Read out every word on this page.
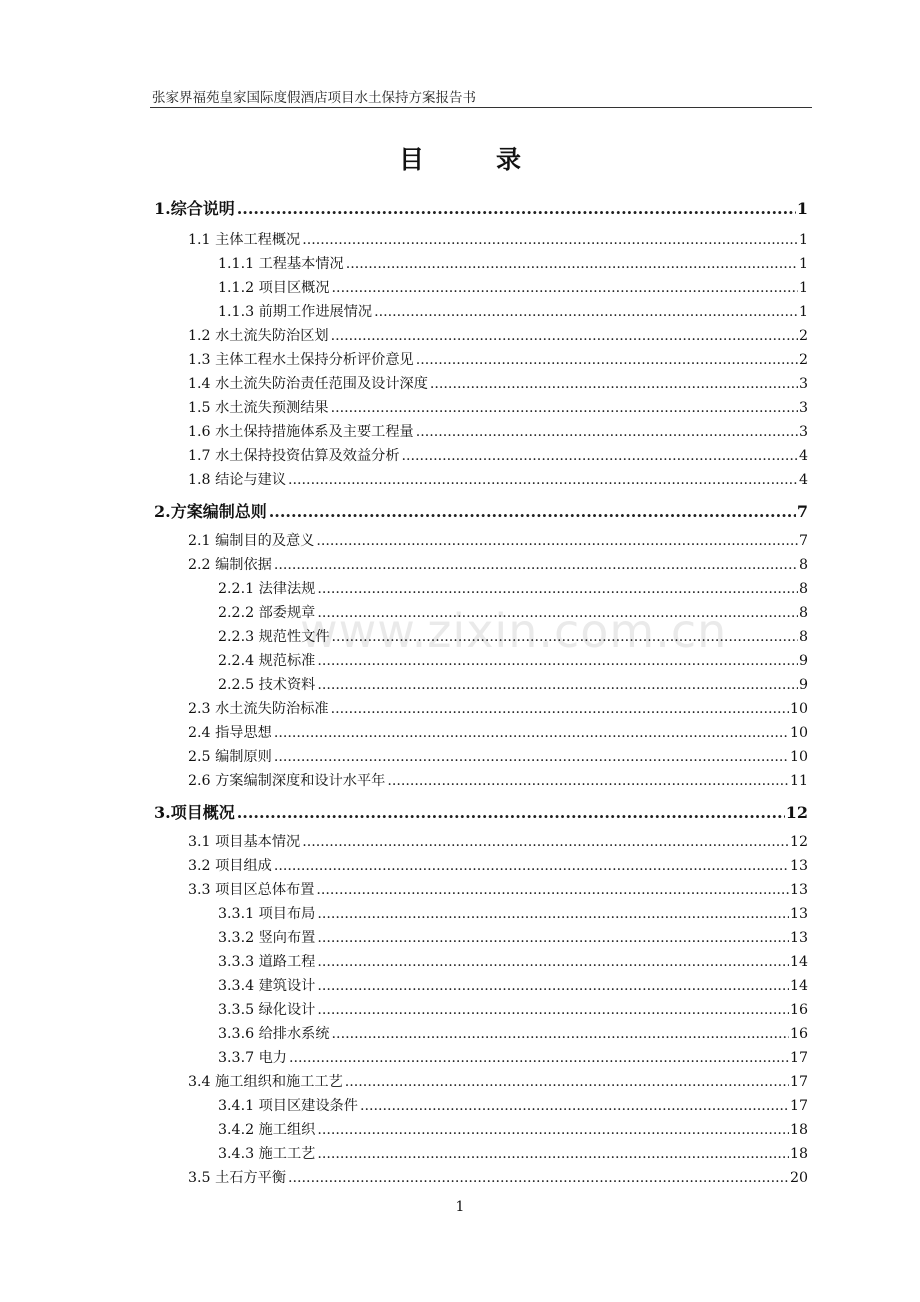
张家界福苑皇家国际度假酒店项目水土保持方案报告书
目	录
www.zixin.com.cn
1.综合说明 .....	1
1.1 主体工程概况 .....	1
1.1.1 工程基本情况 .....	1
1.1.2 项目区概况 .....	1
1.1.3 前期工作进展情况 .....	1
1.2 水土流失防治区划 .....	2
1.3 主体工程水土保持分析评价意见 .....	2
1.4 水土流失防治责任范围及设计深度 .....	3
1.5 水土流失预测结果 .....	3
1.6 水土保持措施体系及主要工程量 .....	3
1.7 水土保持投资估算及效益分析 .....	4
1.8 结论与建议 .....	4
2.方案编制总则 .....	7
2.1 编制目的及意义 .....	7
2.2 编制依据 .....	8
2.2.1 法律法规 .....	8
2.2.2 部委规章 .....	8
2.2.3 规范性文件 .....	8
2.2.4 规范标准 .....	9
2.2.5 技术资料 .....	9
2.3 水土流失防治标准 .....	10
2.4 指导思想 .....	10
2.5 编制原则 .....	10
2.6 方案编制深度和设计水平年 .....	11
3.项目概况 .....	12
3.1 项目基本情况 .....	12
3.2 项目组成 .....	13
3.3 项目区总体布置 .....	13
3.3.1 项目布局 .....	13
3.3.2 竖向布置 .....	13
3.3.3 道路工程 .....	14
3.3.4 建筑设计 .....	14
3.3.5 绿化设计 .....	16
3.3.6 给排水系统 .....	16
3.3.7 电力 .....	17
3.4 施工组织和施工工艺 .....	17
3.4.1 项目区建设条件 .....	17
3.4.2 施工组织 .....	18
3.4.3 施工工艺 .....	18
3.5 土石方平衡 .....	20
1
